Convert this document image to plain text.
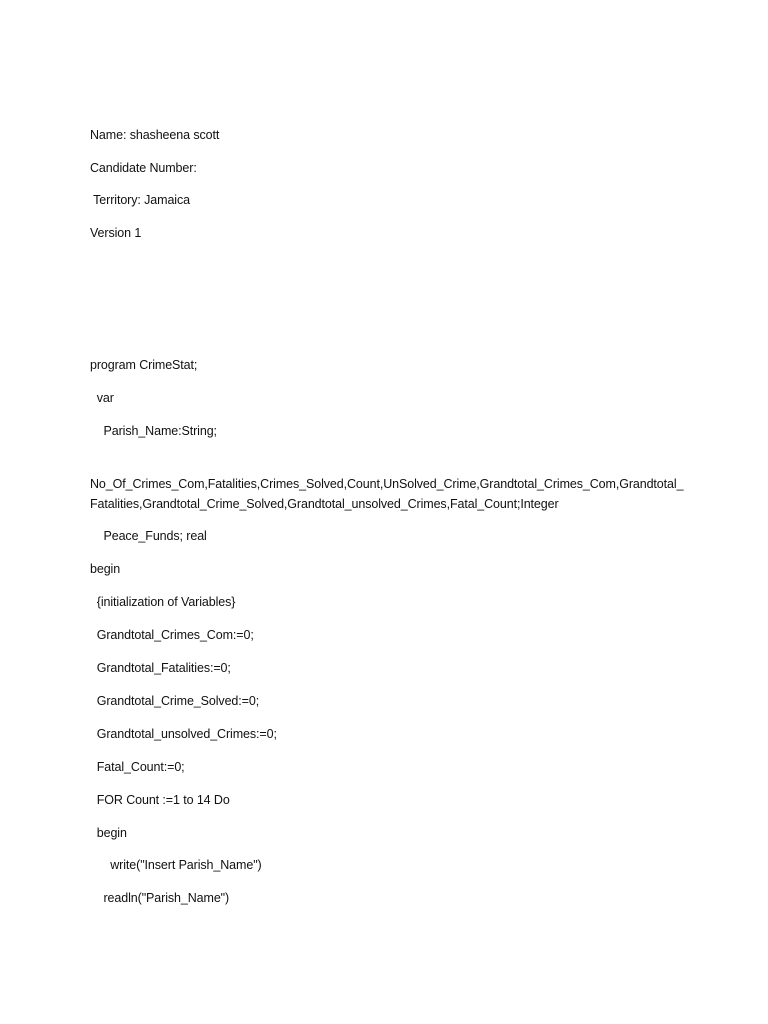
Name: shasheena scott
Candidate Number:
Territory: Jamaica
Version 1
program CrimeStat;
var
Parish_Name:String;
No_Of_Crimes_Com,Fatalities,Crimes_Solved,Count,UnSolved_Crime,Grandtotal_Crimes_Com,Grandtotal_Fatalities,Grandtotal_Crime_Solved,Grandtotal_unsolved_Crimes,Fatal_Count;Integer
Peace_Funds; real
begin
{initialization of Variables}
Grandtotal_Crimes_Com:=0;
Grandtotal_Fatalities:=0;
Grandtotal_Crime_Solved:=0;
Grandtotal_unsolved_Crimes:=0;
Fatal_Count:=0;
FOR Count :=1 to 14 Do
begin
write("Insert Parish_Name")
readln("Parish_Name")
